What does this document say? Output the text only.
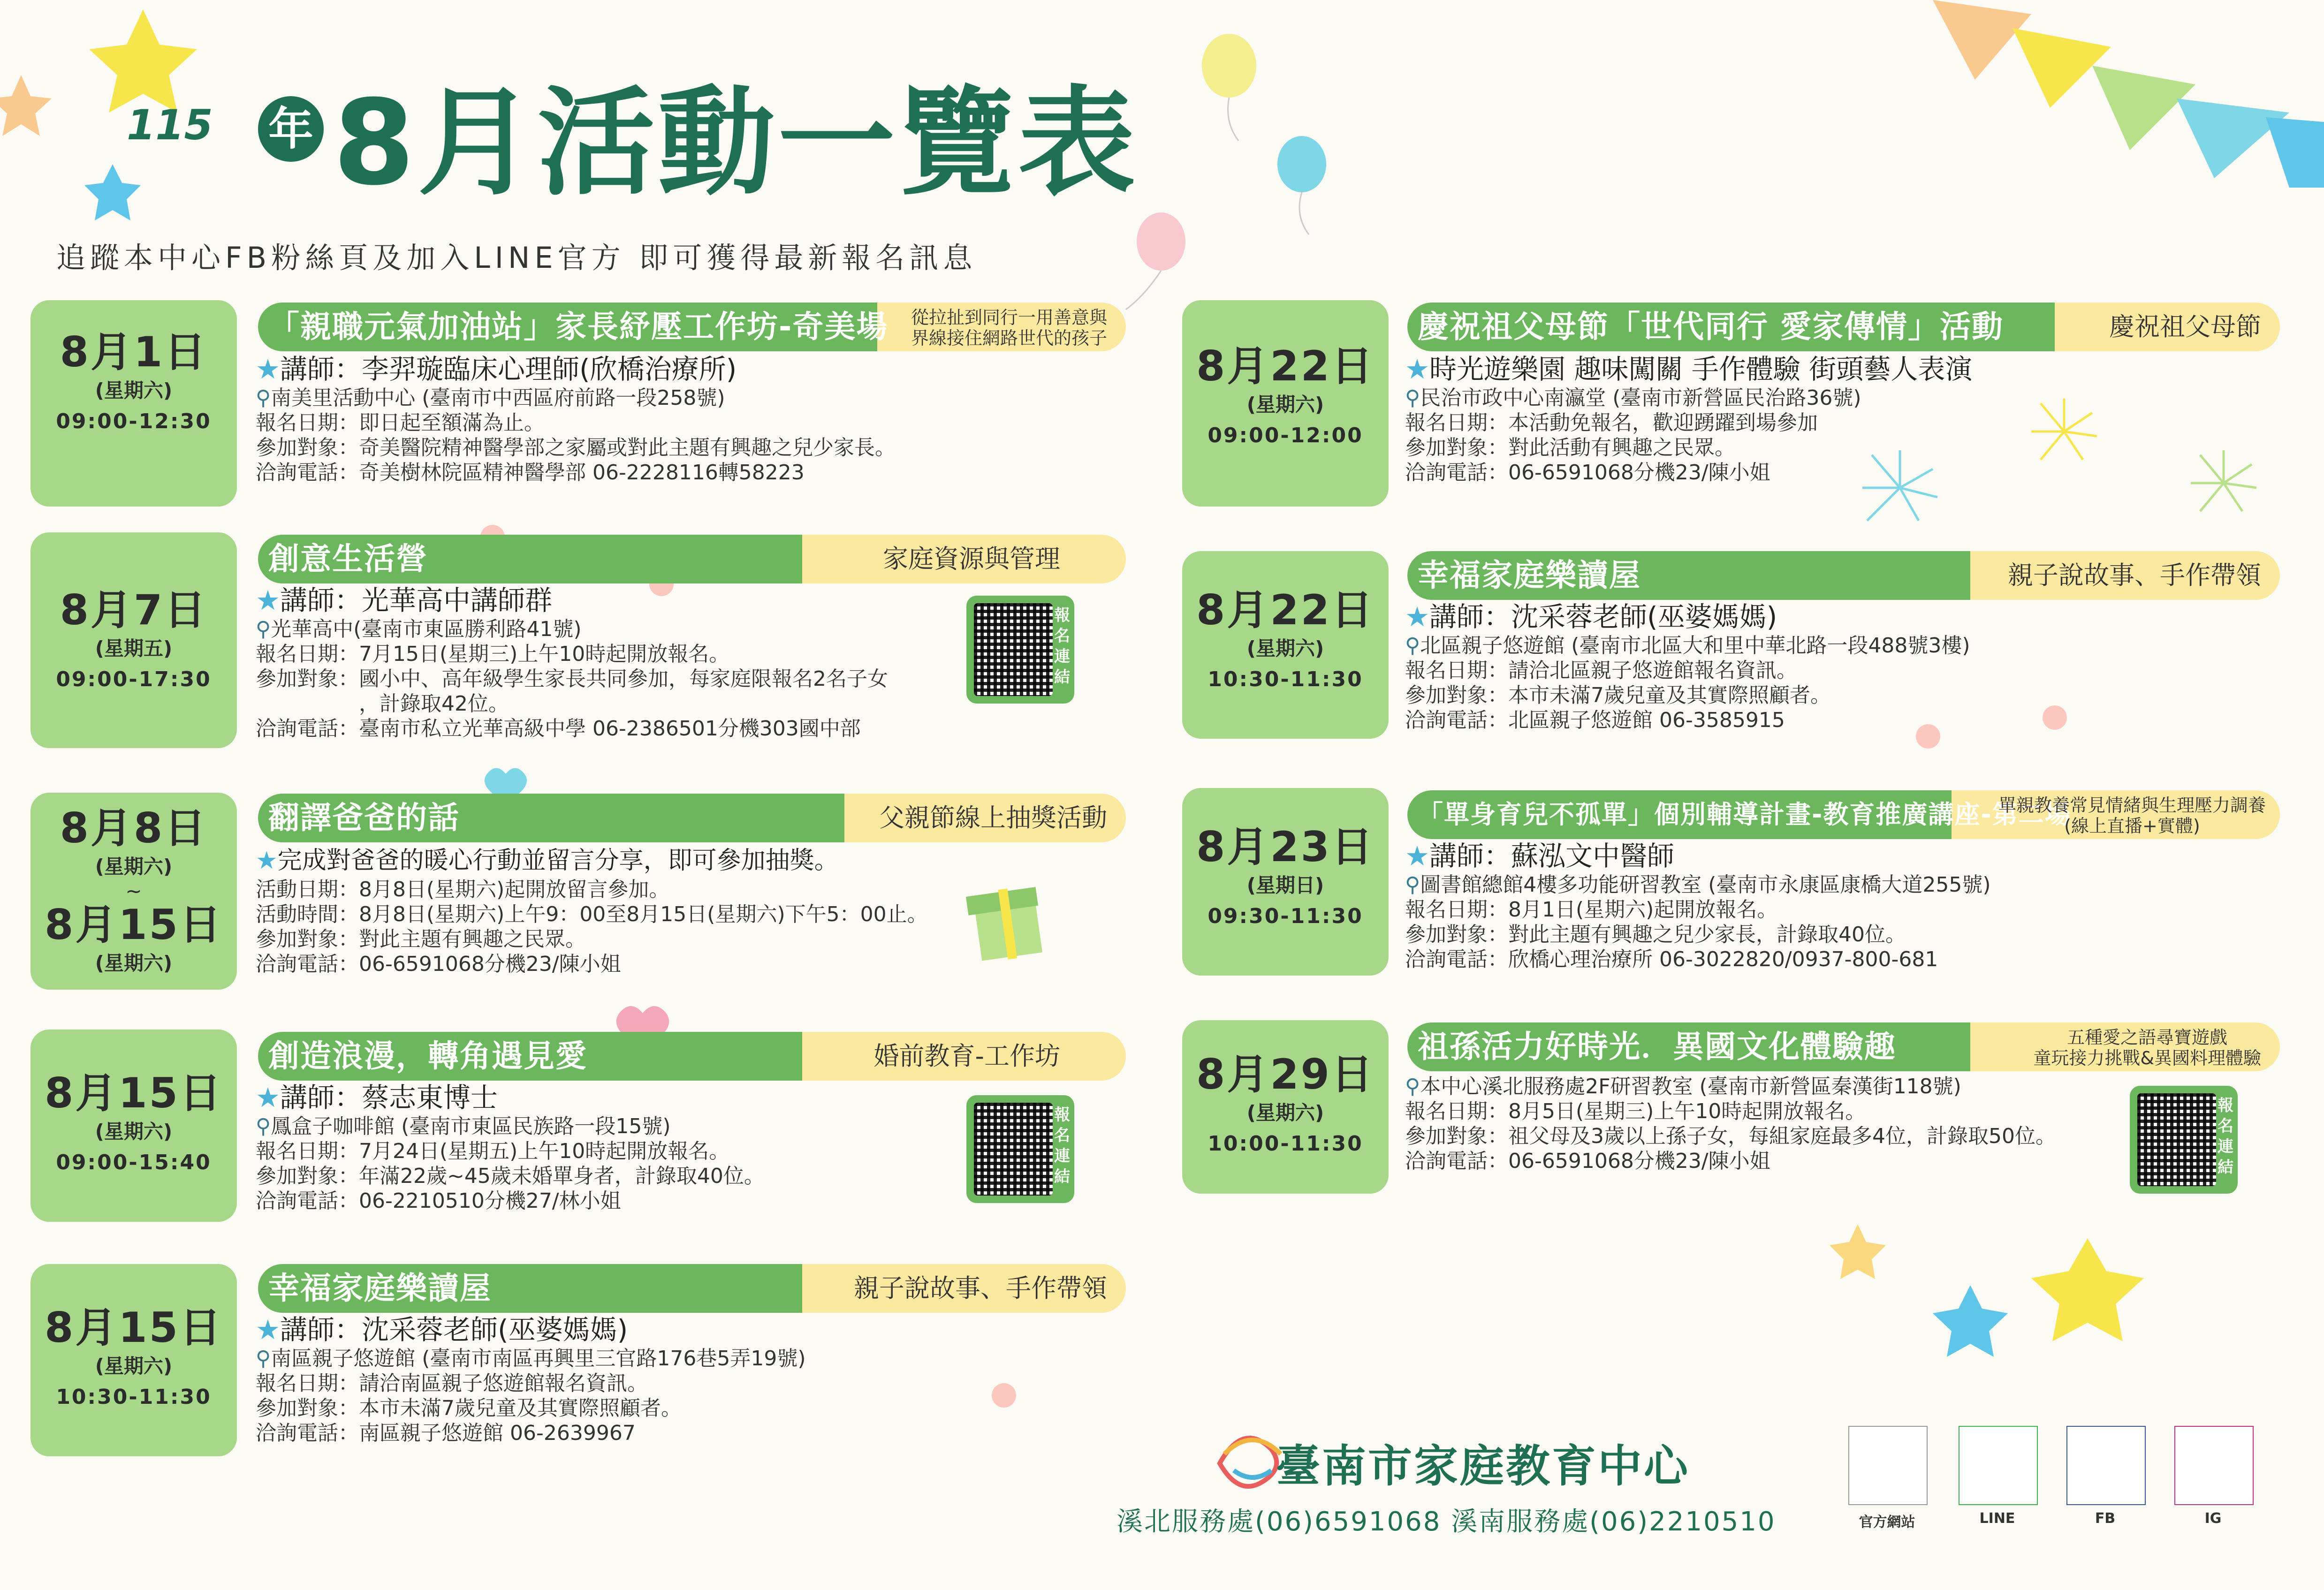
115 年 8月活動一覽表
追蹤本中心FB粉絲頁及加入LINE官方 即可獲得最新報名訊息
8月1日
(星期六)
09:00-12:30
「親職元氣加油站」家長紓壓工作坊-奇美場 從拉扯到同行一用善意與
界線接住網路世代的孩子
★講師：李羿璇臨床心理師(欣橋治療所)
⚲南美里活動中心 (臺南市中西區府前路一段258號)
報名日期：即日起至額滿為止。
參加對象：奇美醫院精神醫學部之家屬或對此主題有興趣之兒少家長。
洽詢電話：奇美樹林院區精神醫學部 06-2228116轉58223
8月7日
(星期五)
09:00-17:30
創意生活營	家庭資源與管理
★講師：光華高中講師群
⚲光華高中(臺南市東區勝利路41號)
報名日期：7月15日(星期三)上午10時起開放報名。
參加對象：國小中、高年級學生家長共同參加，每家庭限報名2名子女
　　　　　，計錄取42位。
洽詢電話：臺南市私立光華高級中學 06-2386501分機303國中部
報名連結
8月8日
(星期六)
~
8月15日
(星期六)
翻譯爸爸的話	父親節線上抽獎活動
★完成對爸爸的暖心行動並留言分享，即可參加抽獎。
活動日期：8月8日(星期六)起開放留言參加。
活動時間：8月8日(星期六)上午9：00至8月15日(星期六)下午5：00止。
參加對象：對此主題有興趣之民眾。
洽詢電話：06-6591068分機23/陳小姐
8月15日
(星期六)
09:00-15:40
創造浪漫，轉角遇見愛	婚前教育-工作坊
★講師：蔡志東博士
⚲鳳盒子咖啡館 (臺南市東區民族路一段15號)
報名日期：7月24日(星期五)上午10時起開放報名。
參加對象：年滿22歲~45歲未婚單身者，計錄取40位。
洽詢電話：06-2210510分機27/林小姐
報名連結
8月15日
(星期六)
10:30-11:30
幸福家庭樂讀屋	親子說故事、手作帶領
★講師：沈采蓉老師(巫婆媽媽)
⚲南區親子悠遊館 (臺南市南區再興里三官路176巷5弄19號)
報名日期：請洽南區親子悠遊館報名資訊。
參加對象：本市未滿7歲兒童及其實際照顧者。
洽詢電話：南區親子悠遊館 06-2639967
8月22日
(星期六)
09:00-12:00
慶祝祖父母節「世代同行 愛家傳情」活動	慶祝祖父母節
★時光遊樂園 趣味闖關 手作體驗 街頭藝人表演
⚲民治市政中心南瀛堂 (臺南市新營區民治路36號)
報名日期：本活動免報名，歡迎踴躍到場參加
參加對象：對此活動有興趣之民眾。
洽詢電話：06-6591068分機23/陳小姐
8月22日
(星期六)
10:30-11:30
幸福家庭樂讀屋	親子說故事、手作帶領
★講師：沈采蓉老師(巫婆媽媽)
⚲北區親子悠遊館 (臺南市北區大和里中華北路一段488號3樓)
報名日期：請洽北區親子悠遊館報名資訊。
參加對象：本市未滿7歲兒童及其實際照顧者。
洽詢電話：北區親子悠遊館 06-3585915
8月23日
(星期日)
09:30-11:30
「單身育兒不孤單」個別輔導計畫-教育推廣講座-第二場
單親教養常見情緒與生理壓力調養
(線上直播+實體)
★講師：蘇泓文中醫師
⚲圖書館總館4樓多功能研習教室 (臺南市永康區康橋大道255號)
報名日期：8月1日(星期六)起開放報名。
參加對象：對此主題有興趣之兒少家長，計錄取40位。
洽詢電話：欣橋心理治療所 06-3022820/0937-800-681
8月29日
(星期六)
10:00-11:30
祖孫活力好時光．異國文化體驗趣	五種愛之語尋寶遊戲
童玩接力挑戰&異國料理體驗
⚲本中心溪北服務處2F研習教室 (臺南市新營區秦漢街118號)
報名日期：8月5日(星期三)上午10時起開放報名。
參加對象：祖父母及3歲以上孫子女，每組家庭最多4位，計錄取50位。
洽詢電話：06-6591068分機23/陳小姐
報名連結
臺南市家庭教育中心
溪北服務處(06)6591068 溪南服務處(06)2210510	官方網站	LINE	FB	IG
